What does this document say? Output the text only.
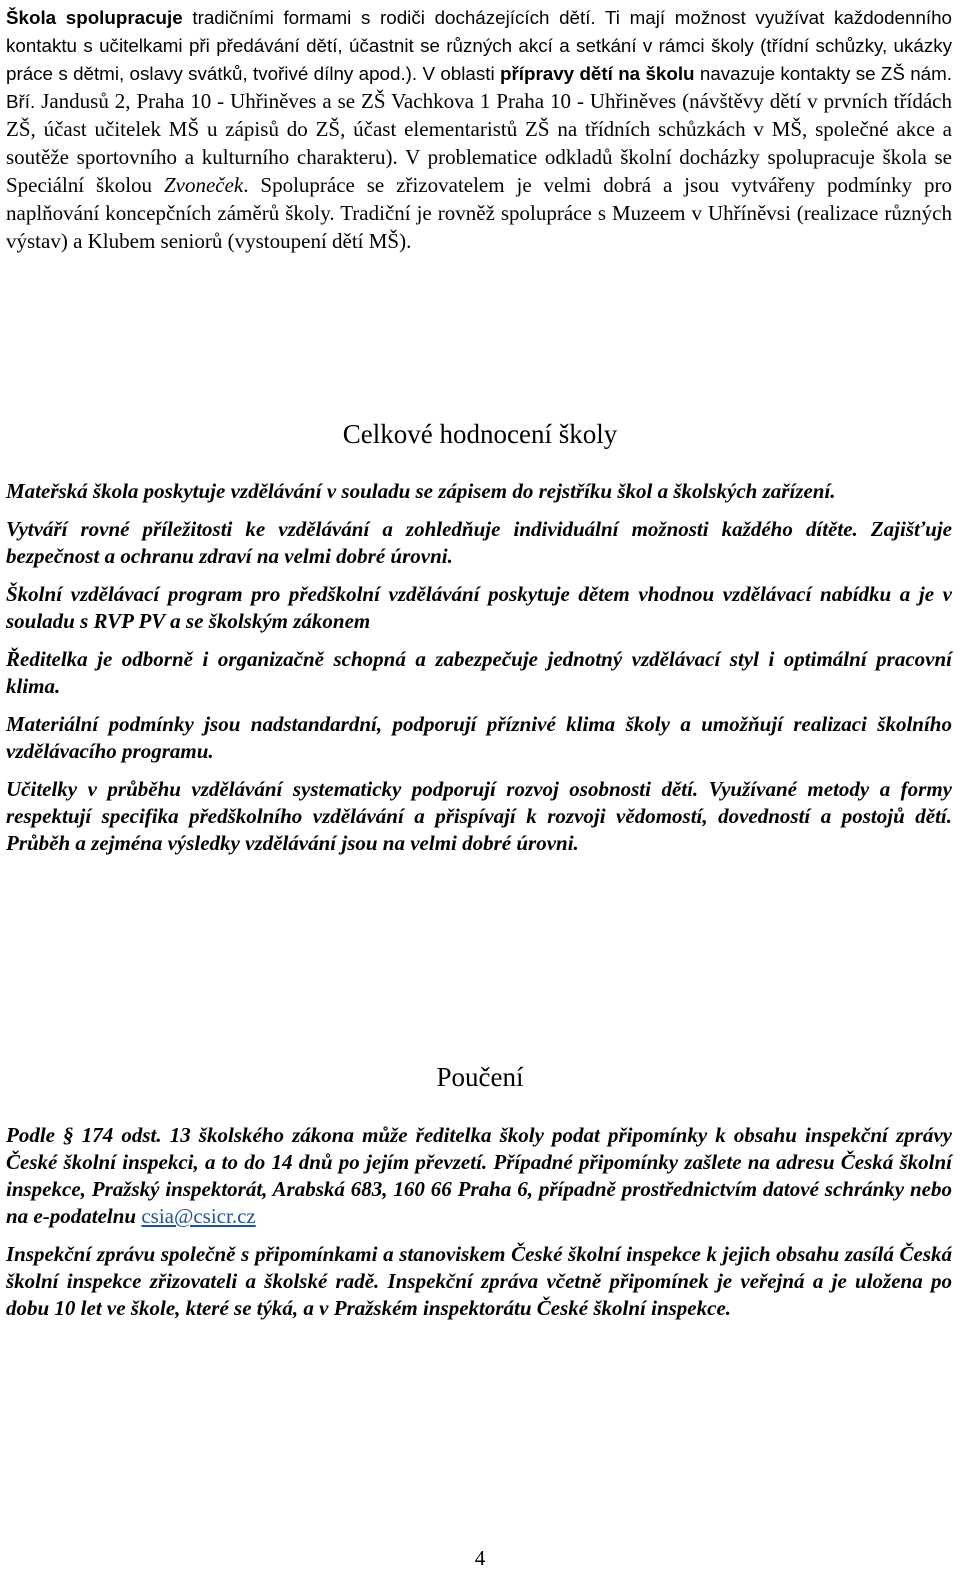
Škola spolupracuje tradičními formami s rodiči docházejících dětí. Ti mají možnost využívat každodenního kontaktu s učitelkami při předávání dětí, účastnit se různých akcí a setkání v rámci školy (třídní schůzky, ukázky práce s dětmi, oslavy svátků, tvořivé dílny apod.). V oblasti přípravy dětí na školu navazuje kontakty se ZŠ nám. Bří. Jandusů 2, Praha 10 - Uhřiněves a se ZŠ Vachkova 1 Praha 10 - Uhřiněves (návštěvy dětí v prvních třídách ZŠ, účast učitelek MŠ u zápisů do ZŠ, účast elementaristů ZŠ na třídních schůzkách v MŠ, společné akce a soutěže sportovního a kulturního charakteru). V problematice odkladů školní docházky spolupracuje škola se Speciální školou Zvoneček. Spolupráce se zřizovatelem je velmi dobrá a jsou vytvářeny podmínky pro naplňování koncepčních záměrů školy. Tradiční je rovněž spolupráce s Muzeem v Uhříněvsi (realizace různých výstav) a Klubem seniorů (vystoupení dětí MŠ).

Celkové hodnocení školy

Mateřská škola poskytuje vzdělávání v souladu se zápisem do rejstříku škol a školských zařízení.

Vytváří rovné příležitosti ke vzdělávání a zohledňuje individuální možnosti každého dítěte. Zajišťuje bezpečnost a ochranu zdraví na velmi dobré úrovni.

Školní vzdělávací program pro předškolní vzdělávání poskytuje dětem vhodnou vzdělávací nabídku a je v souladu s RVP PV a se školským zákonem

Ředitelka je odborně i organizačně schopná a zabezpečuje jednotný vzdělávací styl i optimální pracovní klima.

Materiální podmínky jsou nadstandardní, podporují příznivé klima školy a umožňují realizaci školního vzdělávacího programu.

Učitelky v průběhu vzdělávání systematicky podporují rozvoj osobnosti dětí. Využívané metody a formy respektují specifika předškolního vzdělávání a přispívají k rozvoji vědomostí, dovedností a postojů dětí. Průběh a zejména výsledky vzdělávání jsou na velmi dobré úrovni.

Poučení

Podle § 174 odst. 13 školského zákona může ředitelka školy podat připomínky k obsahu inspekční zprávy České školní inspekci, a to do 14 dnů po jejím převzetí. Případné připomínky zašlete na adresu Česká školní inspekce, Pražský inspektorát, Arabská 683, 160 66 Praha 6, případně prostřednictvím datové schránky nebo na e-podatelnu csia@csicr.cz

Inspekční zprávu společně s připomínkami a stanoviskem České školní inspekce k jejich obsahu zasílá Česká školní inspekce zřizovateli a školské radě. Inspekční zpráva včetně připomínek je veřejná a je uložena po dobu 10 let ve škole, které se týká, a v Pražském inspektorátu České školní inspekce.

4
